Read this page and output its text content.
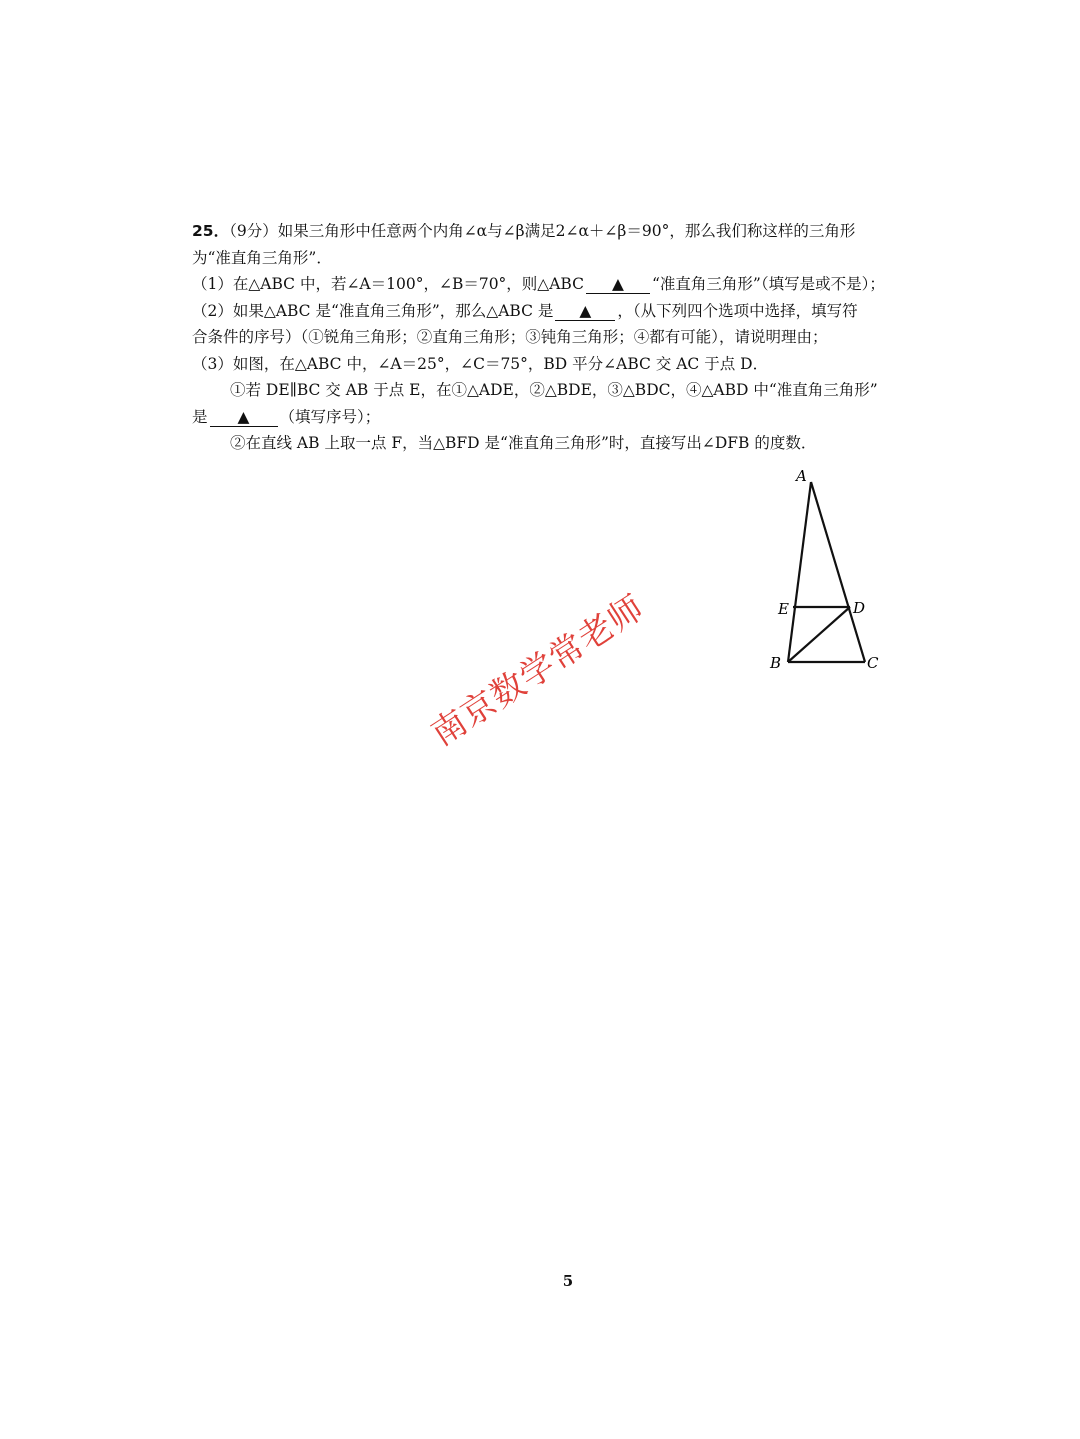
25．（9分）如果三角形中任意两个内角∠α与∠β满足2∠α＋∠β＝90°，那么我们称这样的三角形
为“准直角三角形”．
（1）在△ABC 中，若∠A＝100°，∠B＝70°，则△ABC ▲ “准直角三角形”（填写是或不是）；
（2）如果△ABC 是“准直角三角形”，那么△ABC 是 ▲ ，（从下列四个选项中选择，填写符
合条件的序号）（①锐角三角形；②直角三角形；③钝角三角形；④都有可能），请说明理由；
（3）如图，在△ABC 中，∠A＝25°，∠C＝75°，BD 平分∠ABC 交 AC 于点 D．
①若 DE∥BC 交 AB 于点 E，在①△ADE，②△BDE，③△BDC，④△ABD 中“准直角三角形”
是 ▲ （填写序号）；
②在直线 AB 上取一点 F，当△BFD 是“准直角三角形”时，直接写出∠DFB 的度数．
A
E	D
B	C
南京数学常老师
5
